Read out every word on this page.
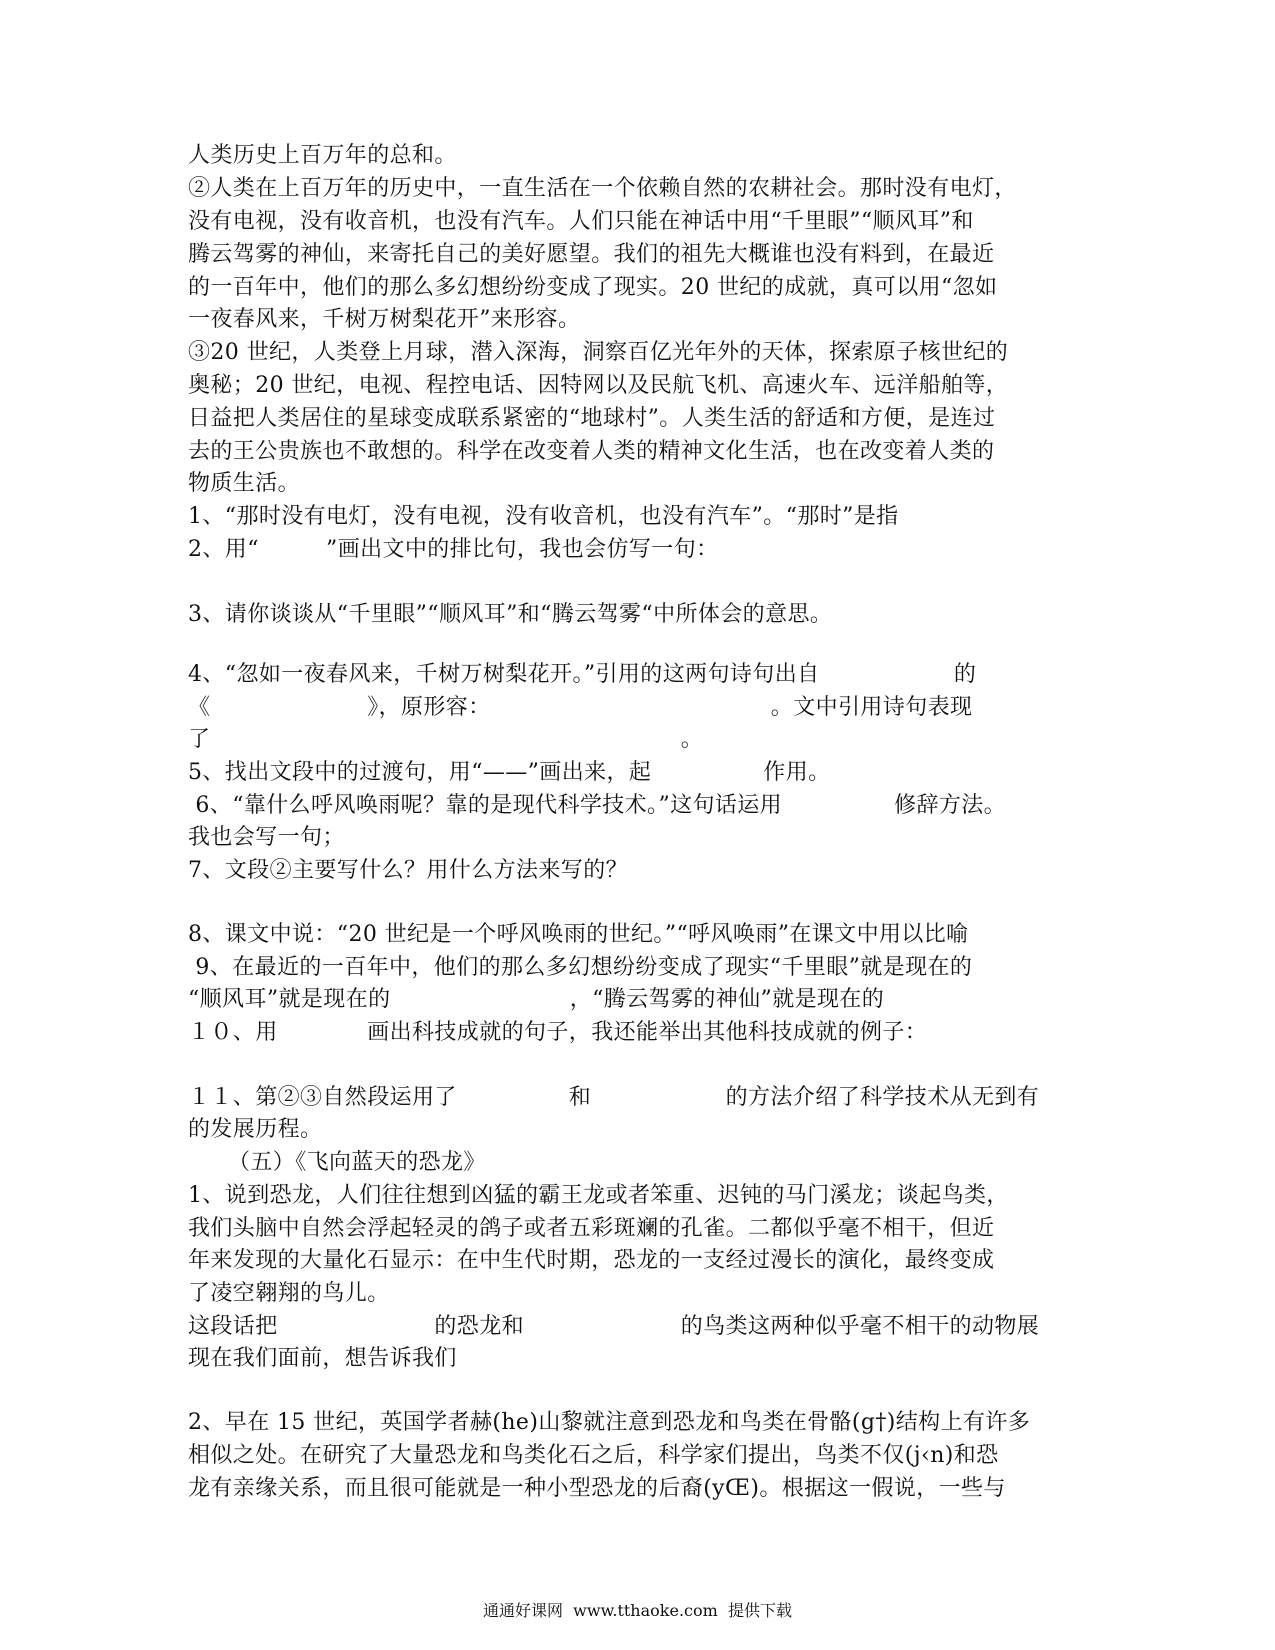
人类历史上百万年的总和。
②人类在上百万年的历史中，一直生活在一个依赖自然的农耕社会。那时没有电灯，
没有电视，没有收音机，也没有汽车。人们只能在神话中用“千里眼”“顺风耳”和
腾云驾雾的神仙，来寄托自己的美好愿望。我们的祖先大概谁也没有料到，在最近
的一百年中，他们的那么多幻想纷纷变成了现实。20 世纪的成就，真可以用“忽如
一夜春风来，千树万树梨花开”来形容。
③20 世纪，人类登上月球，潜入深海，洞察百亿光年外的天体，探索原子核世纪的
奥秘；20 世纪，电视、程控电话、因特网以及民航飞机、高速火车、远洋船舶等，
日益把人类居住的星球变成联系紧密的“地球村”。人类生活的舒适和方便，是连过
去的王公贵族也不敢想的。科学在改变着人类的精神文化生活，也在改变着人类的
物质生活。
1、“那时没有电灯，没有电视，没有收音机，也没有汽车”。“那时”是指
2、用“　　　”画出文中的排比句，我也会仿写一句：
3、请你谈谈从“千里眼”“顺风耳”和“腾云驾雾“中所体会的意思。
4、“忽如一夜春风来，千树万树梨花开。”引用的这两句诗句出自　　　　　　的
《　　　　　　　》，原形容：　　　　　　　　　　　　　。文中引用诗句表现
了　　　　　　　　　　　　　　　　　　　　　。
5、找出文段中的过渡句，用“——”画出来，起　　　　　作用。
6、“靠什么呼风唤雨呢？靠的是现代科学技术。”这句话运用　　　　　修辞方法。
我也会写一句；
7、文段②主要写什么？用什么方法来写的？
8、课文中说：“20 世纪是一个呼风唤雨的世纪。”“呼风唤雨”在课文中用以比喻
9、在最近的一百年中，他们的那么多幻想纷纷变成了现实“千里眼”就是现在的
“顺风耳”就是现在的　　　　　　　　，“腾云驾雾的神仙”就是现在的
１０、用　　　　画出科技成就的句子，我还能举出其他科技成就的例子：
１１、第②③自然段运用了　　　　　和　　　　　　的方法介绍了科学技术从无到有
的发展历程。
（五）《飞向蓝天的恐龙》
1、说到恐龙，人们往往想到凶猛的霸王龙或者笨重、迟钝的马门溪龙；谈起鸟类，
我们头脑中自然会浮起轻灵的鸽子或者五彩斑斓的孔雀。二都似乎毫不相干，但近
年来发现的大量化石显示：在中生代时期，恐龙的一支经过漫长的演化，最终变成
了凌空翱翔的鸟儿。
这段话把　　　　　　　的恐龙和　　　　　　　的鸟类这两种似乎毫不相干的动物展
现在我们面前，想告诉我们
2、早在 15 世纪，英国学者赫(he)山黎就注意到恐龙和鸟类在骨骼(g†)结构上有许多
相似之处。在研究了大量恐龙和鸟类化石之后，科学家们提出，鸟类不仅(j‹n)和恐
龙有亲缘关系，而且很可能就是一种小型恐龙的后裔(yŒ)。根据这一假说，一些与
通通好课网  www.tthaoke.com  提供下载
